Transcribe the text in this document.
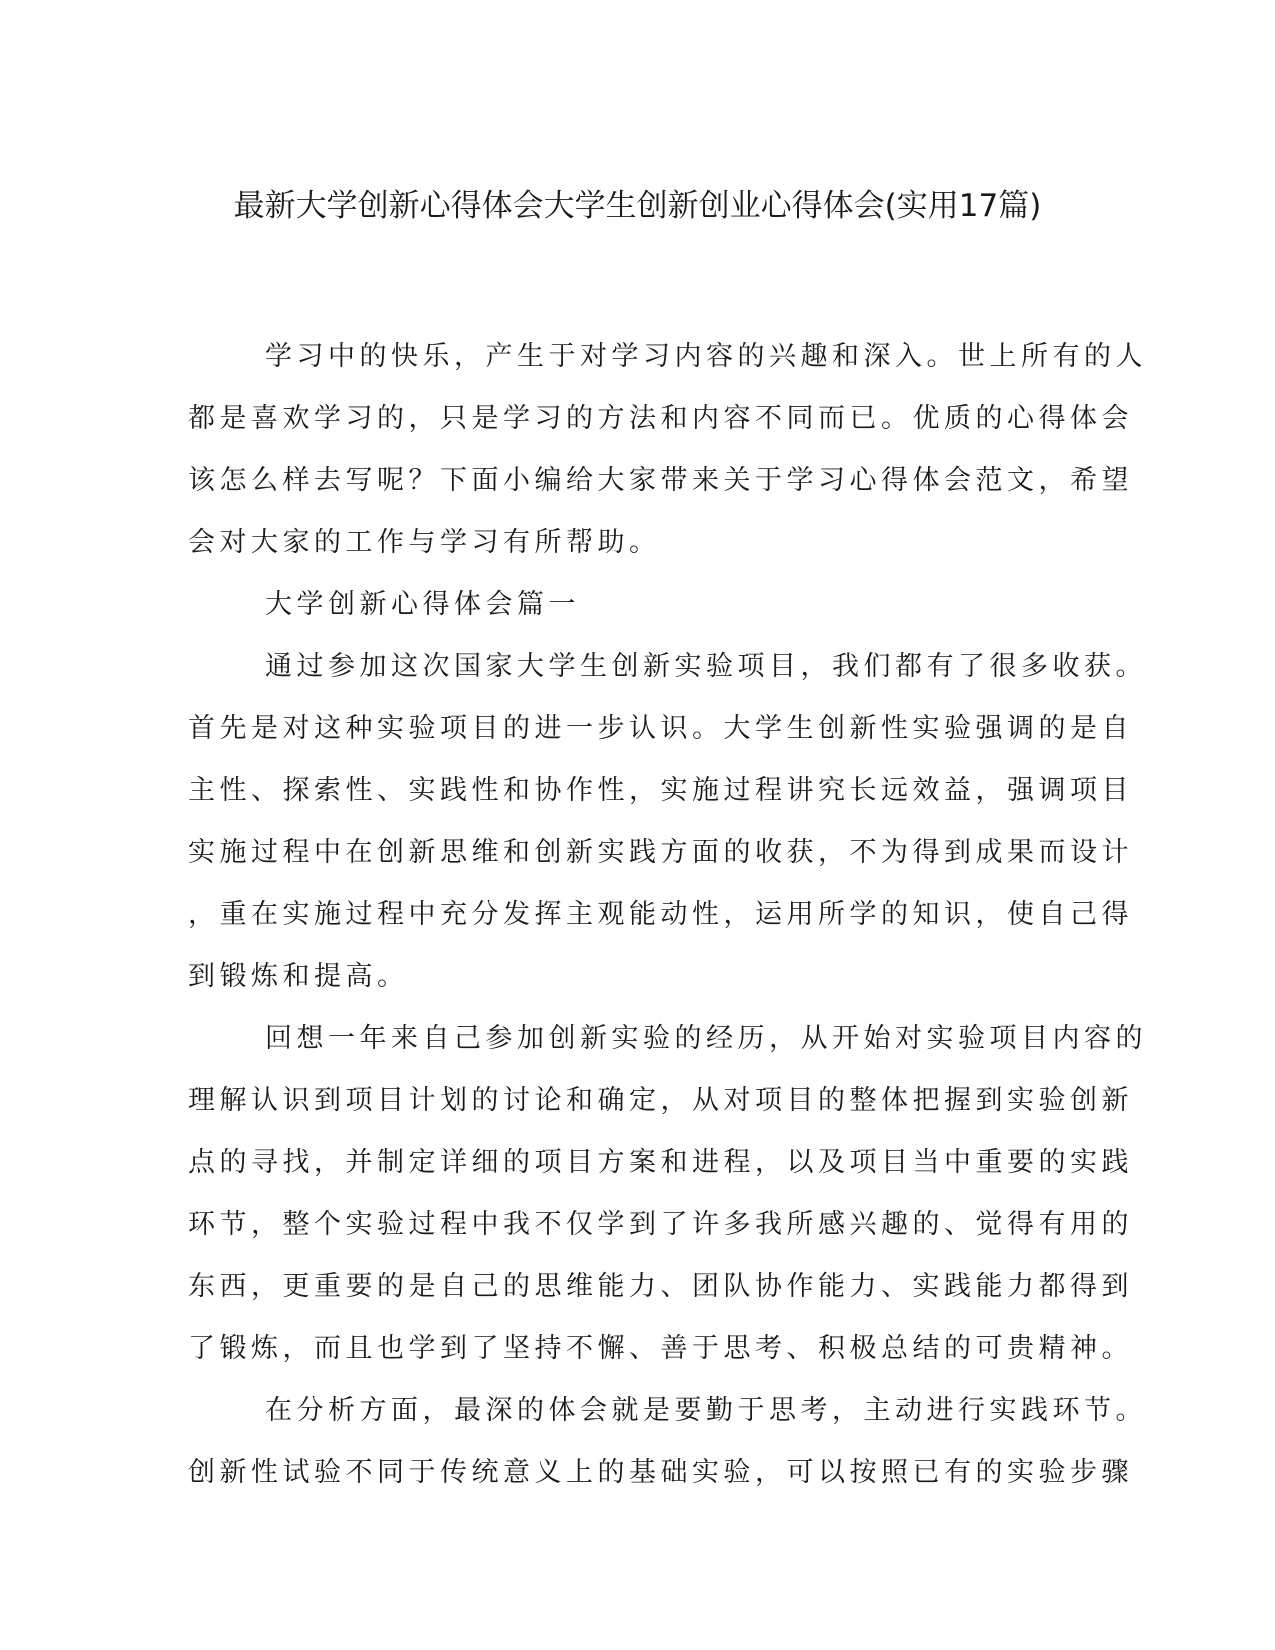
最新大学创新心得体会大学生创新创业心得体会(实用17篇)
学习中的快乐，产生于对学习内容的兴趣和深入。世上所有的人
都是喜欢学习的，只是学习的方法和内容不同而已。优质的心得体会
该怎么样去写呢？下面小编给大家带来关于学习心得体会范文，希望
会对大家的工作与学习有所帮助。
大学创新心得体会篇一
通过参加这次国家大学生创新实验项目，我们都有了很多收获。
首先是对这种实验项目的进一步认识。大学生创新性实验强调的是自
主性、探索性、实践性和协作性，实施过程讲究长远效益，强调项目
实施过程中在创新思维和创新实践方面的收获，不为得到成果而设计
，重在实施过程中充分发挥主观能动性，运用所学的知识，使自己得
到锻炼和提高。
回想一年来自己参加创新实验的经历，从开始对实验项目内容的
理解认识到项目计划的讨论和确定，从对项目的整体把握到实验创新
点的寻找，并制定详细的项目方案和进程，以及项目当中重要的实践
环节，整个实验过程中我不仅学到了许多我所感兴趣的、觉得有用的
东西，更重要的是自己的思维能力、团队协作能力、实践能力都得到
了锻炼，而且也学到了坚持不懈、善于思考、积极总结的可贵精神。
在分析方面，最深的体会就是要勤于思考，主动进行实践环节。
创新性试验不同于传统意义上的基础实验，可以按照已有的实验步骤
